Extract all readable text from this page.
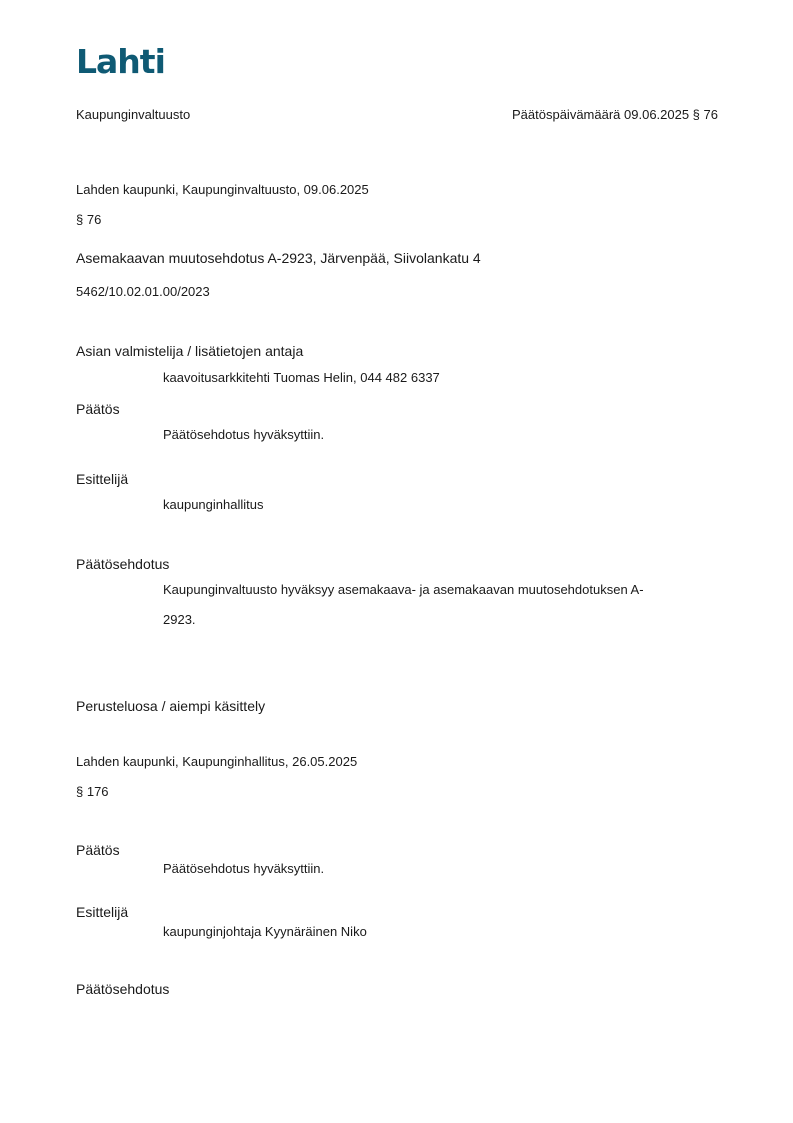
Lahti
Kaupunginvaltuusto	Päätöspäivämäärä 09.06.2025 § 76
Lahden kaupunki, Kaupunginvaltuusto, 09.06.2025
§ 76
Asemakaavan muutosehdotus A-2923, Järvenpää, Siivolankatu 4
5462/10.02.01.00/2023
Asian valmistelija / lisätietojen antaja
kaavoitusarkkitehti Tuomas Helin, 044 482 6337
Päätös
Päätösehdotus hyväksyttiin.
Esittelijä
kaupunginhallitus
Päätösehdotus
Kaupunginvaltuusto hyväksyy asemakaava- ja asemakaavan muutosehdotuksen A-
2923.
Perusteluosa / aiempi käsittely
Lahden kaupunki, Kaupunginhallitus, 26.05.2025
§ 176
Päätös
Päätösehdotus hyväksyttiin.
Esittelijä
kaupunginjohtaja Kyynäräinen Niko
Päätösehdotus
